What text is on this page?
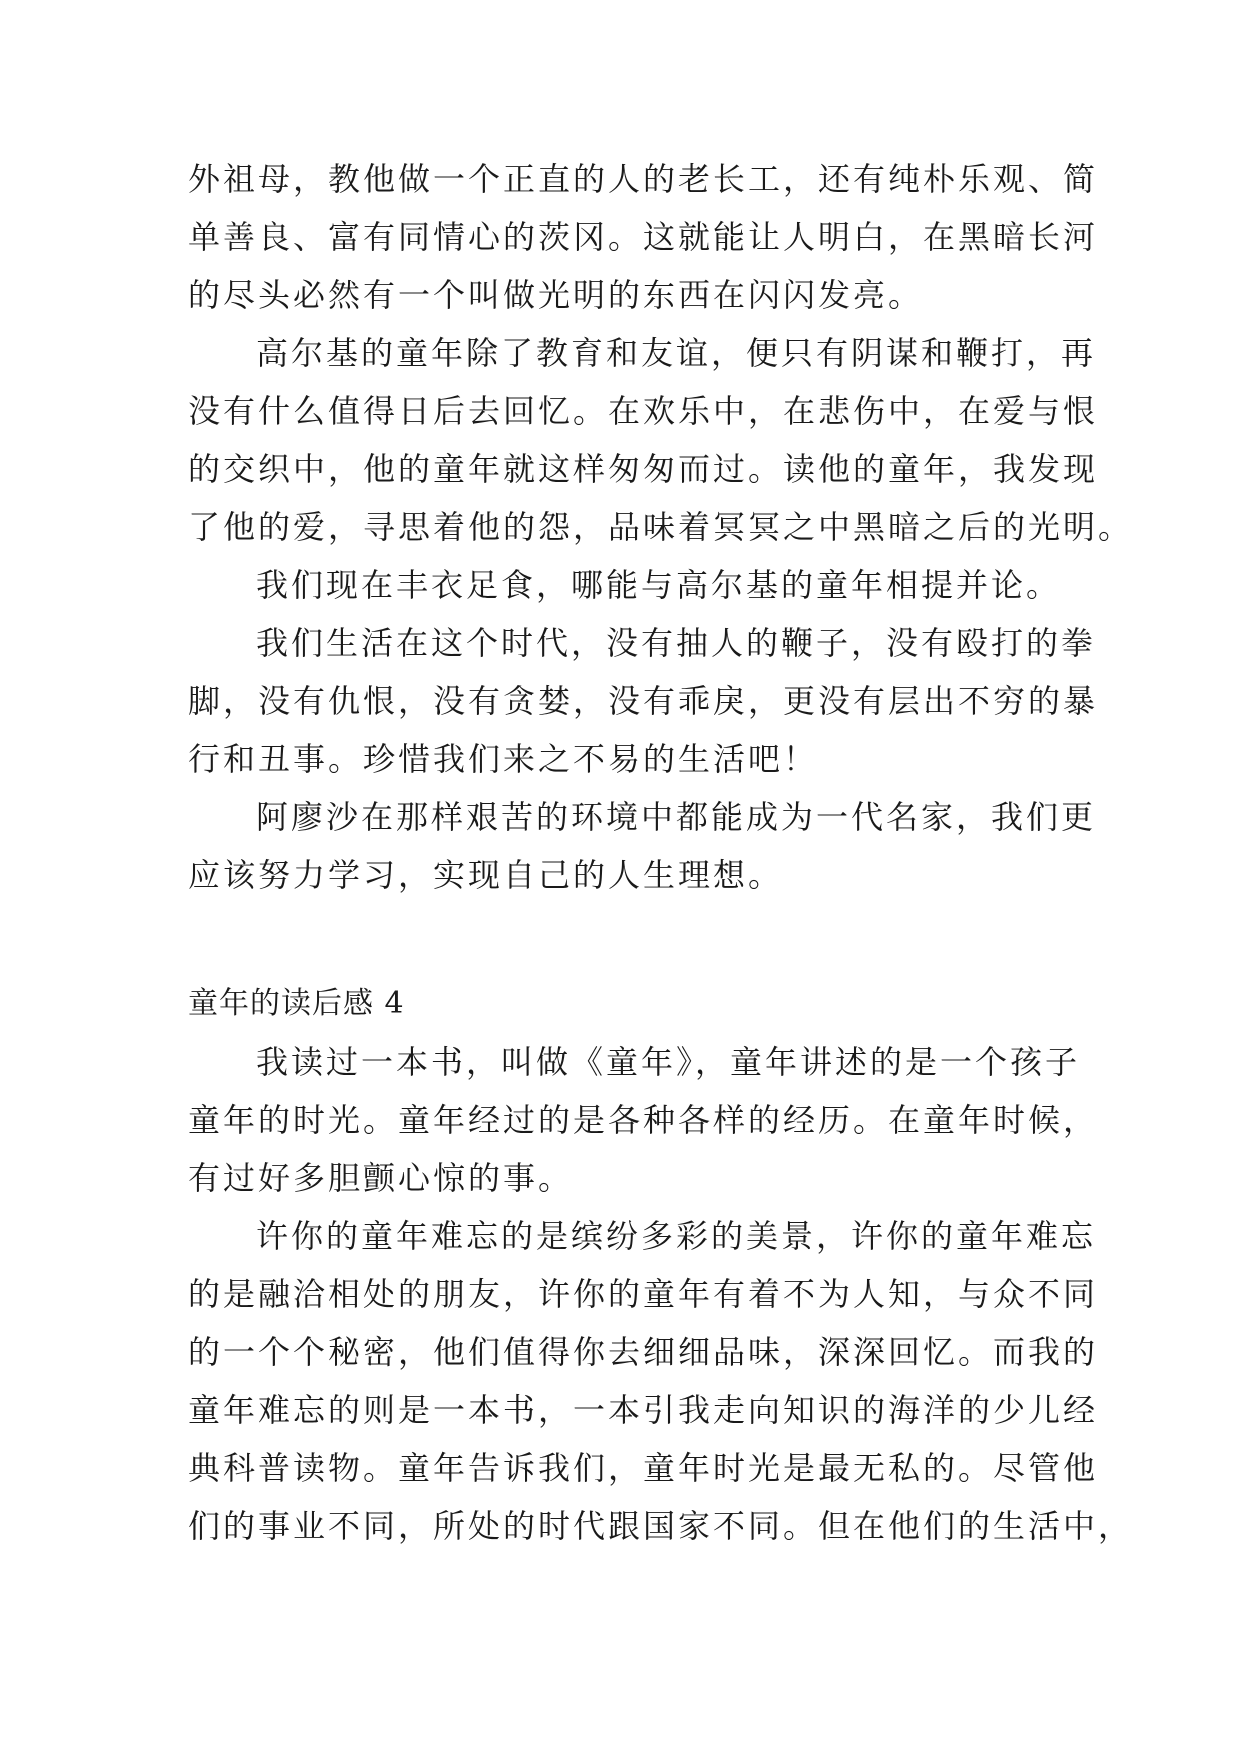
外祖母，教他做一个正直的人的老长工，还有纯朴乐观、简
单善良、富有同情心的茨冈。这就能让人明白，在黑暗长河
的尽头必然有一个叫做光明的东西在闪闪发亮。
高尔基的童年除了教育和友谊，便只有阴谋和鞭打，再
没有什么值得日后去回忆。在欢乐中，在悲伤中，在爱与恨
的交织中，他的童年就这样匆匆而过。读他的童年，我发现
了他的爱，寻思着他的怨，品味着冥冥之中黑暗之后的光明。
我们现在丰衣足食，哪能与高尔基的童年相提并论。
我们生活在这个时代，没有抽人的鞭子，没有殴打的拳
脚，没有仇恨，没有贪婪，没有乖戾，更没有层出不穷的暴
行和丑事。珍惜我们来之不易的生活吧！
阿廖沙在那样艰苦的环境中都能成为一代名家，我们更
应该努力学习，实现自己的人生理想。
童年的读后感 4
我读过一本书，叫做《童年》，童年讲述的是一个孩子
童年的时光。童年经过的是各种各样的经历。在童年时候，
有过好多胆颤心惊的事。
许你的童年难忘的是缤纷多彩的美景，许你的童年难忘
的是融洽相处的朋友，许你的童年有着不为人知，与众不同
的一个个秘密，他们值得你去细细品味，深深回忆。而我的
童年难忘的则是一本书，一本引我走向知识的海洋的少儿经
典科普读物。童年告诉我们，童年时光是最无私的。尽管他
们的事业不同，所处的时代跟国家不同。但在他们的生活中，
